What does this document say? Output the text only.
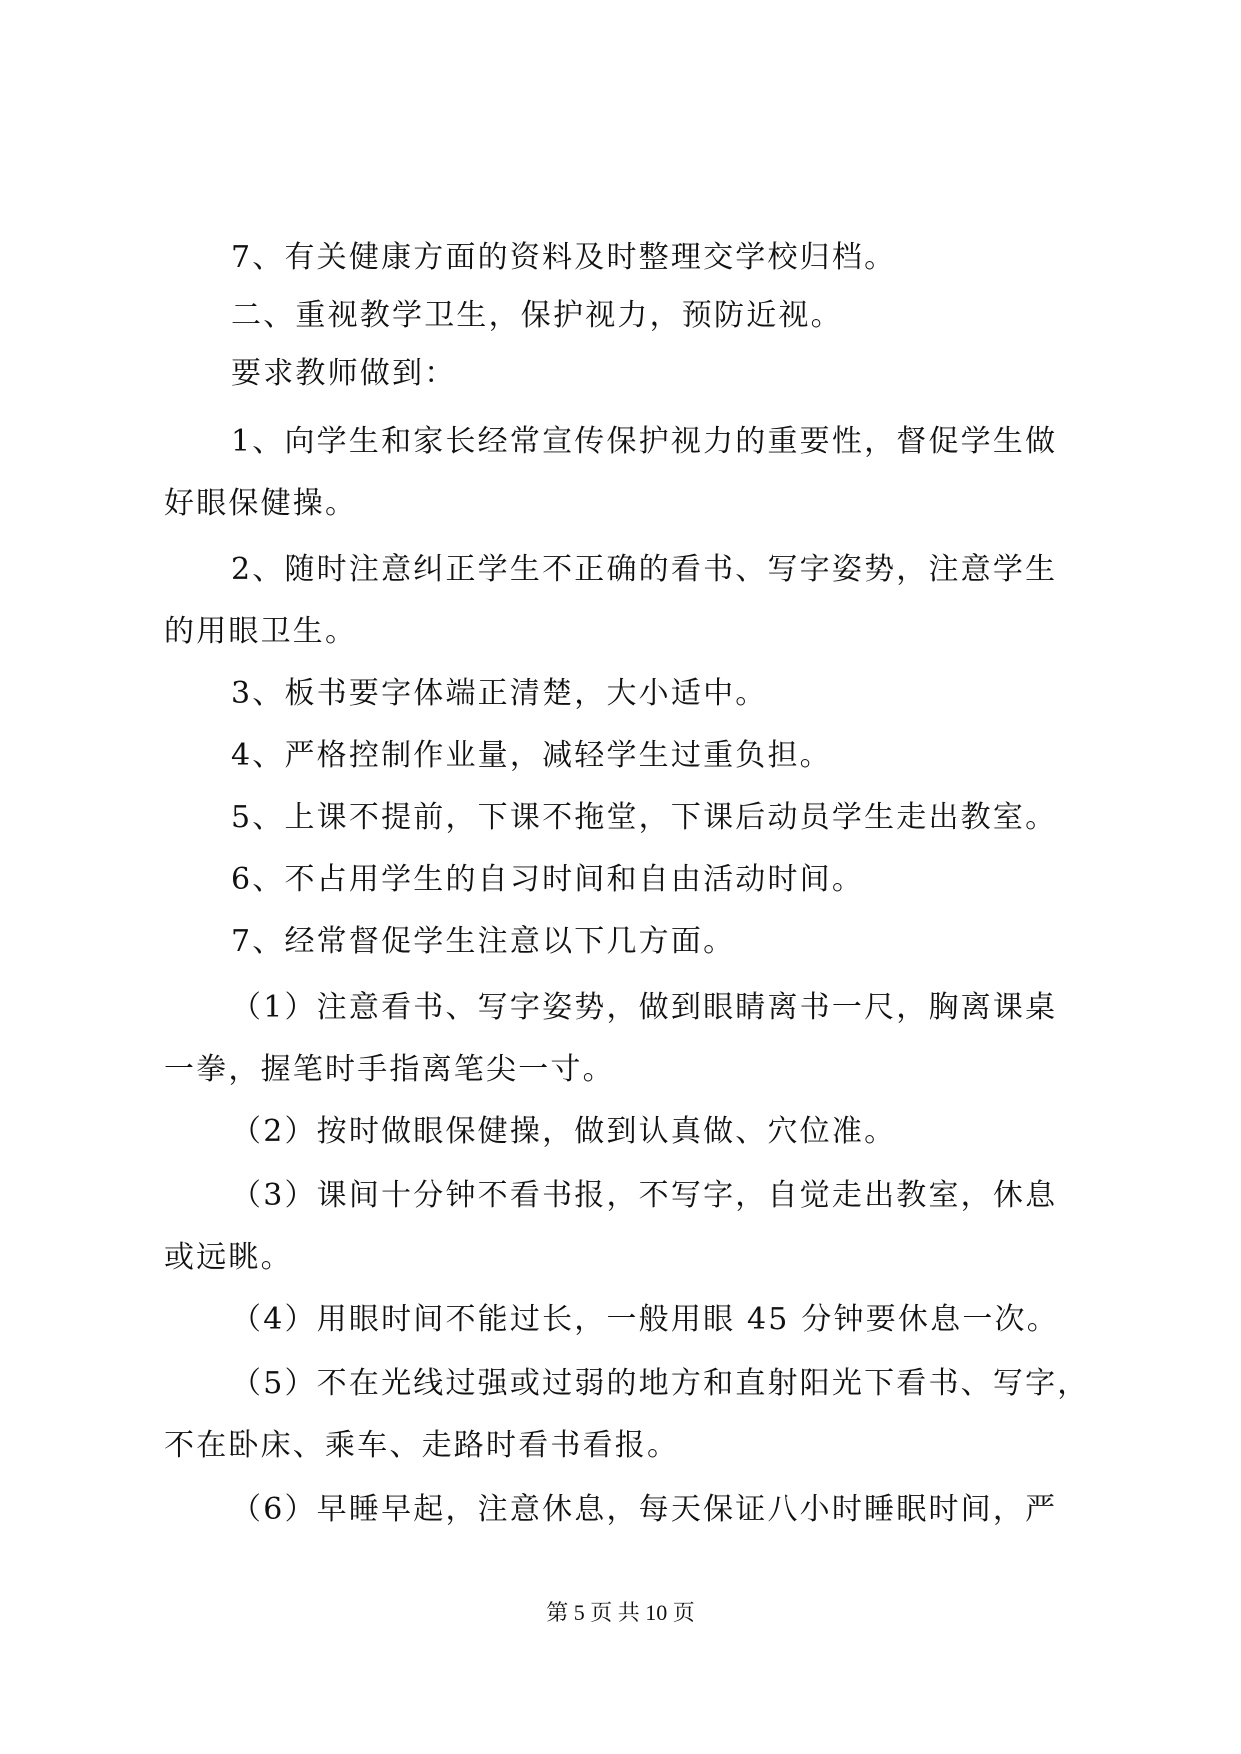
7、有关健康方面的资料及时整理交学校归档。
二、重视教学卫生，保护视力，预防近视。
要求教师做到：
1、向学生和家长经常宣传保护视力的重要性，督促学生做
好眼保健操。
2、随时注意纠正学生不正确的看书、写字姿势，注意学生
的用眼卫生。
3、板书要字体端正清楚，大小适中。
4、严格控制作业量，减轻学生过重负担。
5、上课不提前，下课不拖堂，下课后动员学生走出教室。
6、不占用学生的自习时间和自由活动时间。
7、经常督促学生注意以下几方面。
（1）注意看书、写字姿势，做到眼睛离书一尺，胸离课桌
一拳，握笔时手指离笔尖一寸。
（2）按时做眼保健操，做到认真做、穴位准。
（3）课间十分钟不看书报，不写字，自觉走出教室，休息
或远眺。
（4）用眼时间不能过长，一般用眼 45 分钟要休息一次。
（5）不在光线过强或过弱的地方和直射阳光下看书、写字，
不在卧床、乘车、走路时看书看报。
（6）早睡早起，注意休息，每天保证八小时睡眠时间，严
第 5 页 共 10 页
